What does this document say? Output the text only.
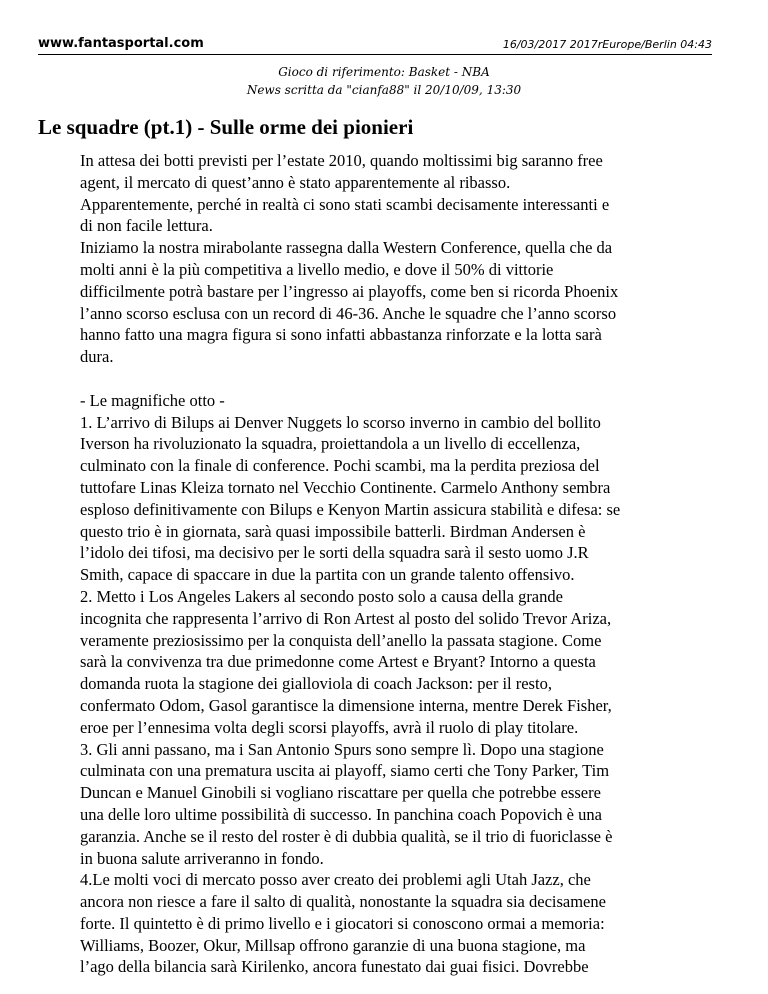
www.fantasportal.com	16/03/2017 2017rEurope/Berlin 04:43
Gioco di riferimento: Basket - NBA
News scritta da "cianfa88" il 20/10/09, 13:30
Le squadre (pt.1) - Sulle orme dei pionieri
In attesa dei botti previsti per l’estate 2010, quando moltissimi big saranno free
agent, il mercato di quest’anno è stato apparentemente al ribasso.
Apparentemente, perché in realtà ci sono stati scambi decisamente interessanti e
di non facile lettura.
Iniziamo la nostra mirabolante rassegna dalla Western Conference, quella che da
molti anni è la più competitiva a livello medio, e dove il 50% di vittorie
difficilmente potrà bastare per l’ingresso ai playoffs, come ben si ricorda Phoenix
l’anno scorso esclusa con un record di 46-36. Anche le squadre che l’anno scorso
hanno fatto una magra figura si sono infatti abbastanza rinforzate e la lotta sarà
dura.
- Le magnifiche otto -
1. L’arrivo di Bilups ai Denver Nuggets lo scorso inverno in cambio del bollito
Iverson ha rivoluzionato la squadra, proiettandola a un livello di eccellenza,
culminato con la finale di conference. Pochi scambi, ma la perdita preziosa del
tuttofare Linas Kleiza tornato nel Vecchio Continente. Carmelo Anthony sembra
esploso definitivamente con Bilups e Kenyon Martin assicura stabilità e difesa: se
questo trio è in giornata, sarà quasi impossibile batterli. Birdman Andersen è
l’idolo dei tifosi, ma decisivo per le sorti della squadra sarà il sesto uomo J.R
Smith, capace di spaccare in due la partita con un grande talento offensivo.
2. Metto i Los Angeles Lakers al secondo posto solo a causa della grande
incognita che rappresenta l’arrivo di Ron Artest al posto del solido Trevor Ariza,
veramente preziosissimo per la conquista dell’anello la passata stagione. Come
sarà la convivenza tra due primedonne come Artest e Bryant? Intorno a questa
domanda ruota la stagione dei gialloviola di coach Jackson: per il resto,
confermato Odom, Gasol garantisce la dimensione interna, mentre Derek Fisher,
eroe per l’ennesima volta degli scorsi playoffs, avrà il ruolo di play titolare.
3. Gli anni passano, ma i San Antonio Spurs sono sempre lì. Dopo una stagione
culminata con una prematura uscita ai playoff, siamo certi che Tony Parker, Tim
Duncan e Manuel Ginobili si vogliano riscattare per quella che potrebbe essere
una delle loro ultime possibilità di successo. In panchina coach Popovich è una
garanzia. Anche se il resto del roster è di dubbia qualità, se il trio di fuoriclasse è
in buona salute arriveranno in fondo.
4.Le molti voci di mercato posso aver creato dei problemi agli Utah Jazz, che
ancora non riesce a fare il salto di qualità, nonostante la squadra sia decisamene
forte. Il quintetto è di primo livello e i giocatori si conoscono ormai a memoria:
Williams, Boozer, Okur, Millsap offrono garanzie di una buona stagione, ma
l’ago della bilancia sarà Kirilenko, ancora funestato dai guai fisici. Dovrebbe
